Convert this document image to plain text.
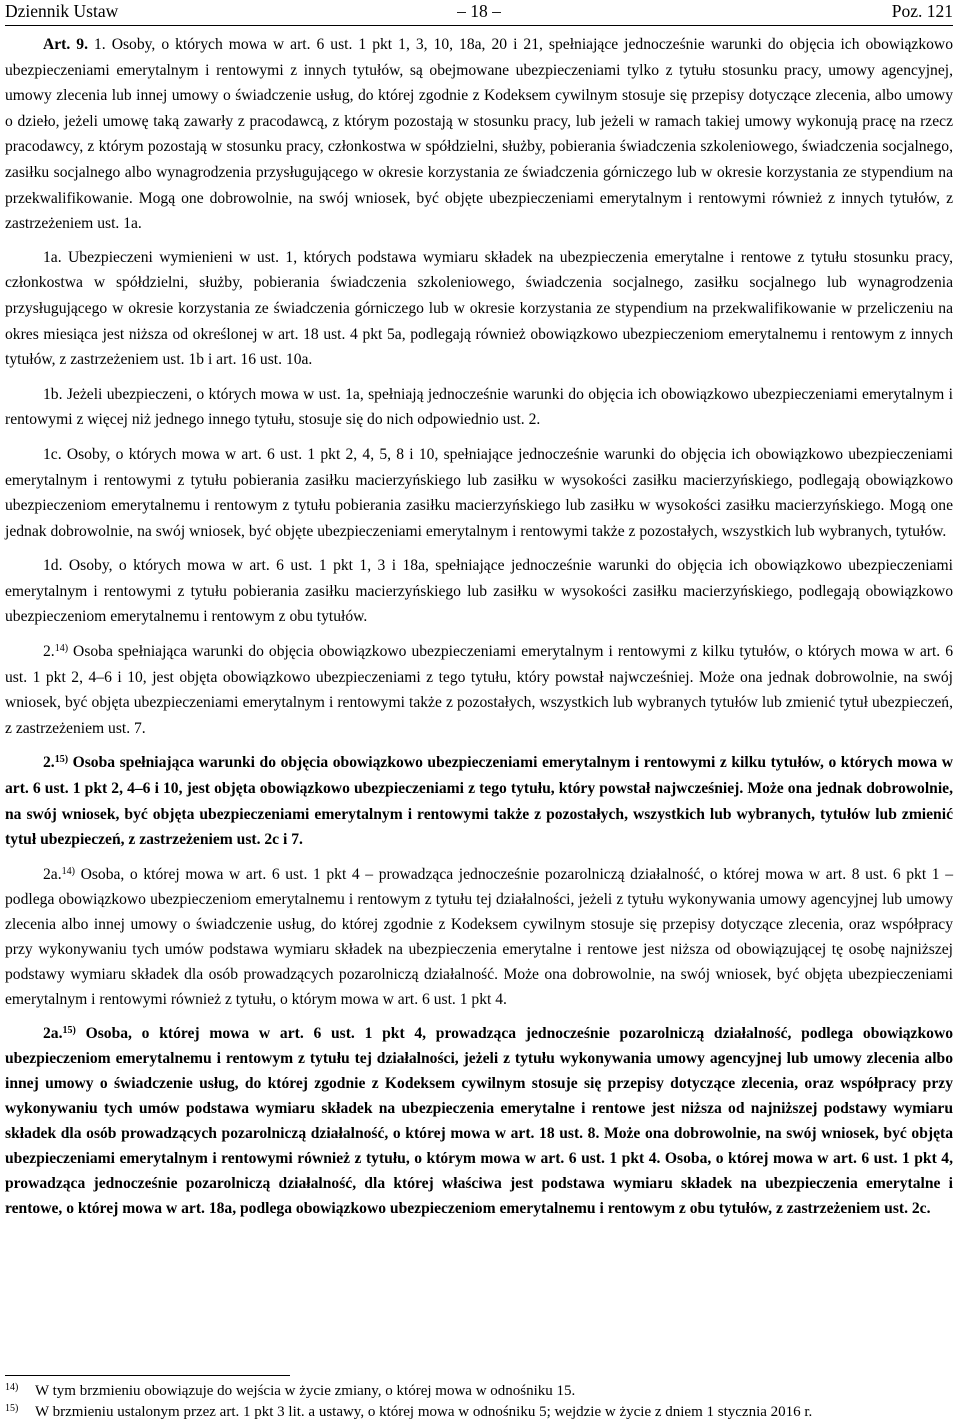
Dziennik Ustaw	– 18 –	Poz. 121

Art. 9. 1. Osoby, o których mowa w art. 6 ust. 1 pkt 1, 3, 10, 18a, 20 i 21, spełniające jednocześnie warunki do objęcia ich obowiązkowo ubezpieczeniami emerytalnym i rentowymi z innych tytułów, są obejmowane ubezpieczeniami tylko z tytułu stosunku pracy, umowy agencyjnej, umowy zlecenia lub innej umowy o świadczenie usług, do której zgodnie z Kodeksem cywilnym stosuje się przepisy dotyczące zlecenia, albo umowy o dzieło, jeżeli umowę taką zawarły z pracodawcą, z którym pozostają w stosunku pracy, lub jeżeli w ramach takiej umowy wykonują pracę na rzecz pracodawcy, z którym pozostają w stosunku pracy, członkostwa w spółdzielni, służby, pobierania świadczenia szkoleniowego, świadczenia socjalnego, zasiłku socjalnego albo wynagrodzenia przysługującego w okresie korzystania ze świadczenia górniczego lub w okresie korzystania ze stypendium na przekwalifikowanie. Mogą one dobrowolnie, na swój wniosek, być objęte ubezpieczeniami emerytalnym i rentowymi również z innych tytułów, z zastrzeżeniem ust. 1a.

1a. Ubezpieczeni wymienieni w ust. 1, których podstawa wymiaru składek na ubezpieczenia emerytalne i rentowe z tytułu stosunku pracy, członkostwa w spółdzielni, służby, pobierania świadczenia szkoleniowego, świadczenia socjalnego, zasiłku socjalnego lub wynagrodzenia przysługującego w okresie korzystania ze świadczenia górniczego lub w okresie korzystania ze stypendium na przekwalifikowanie w przeliczeniu na okres miesiąca jest niższa od określonej w art. 18 ust. 4 pkt 5a, podlegają również obowiązkowo ubezpieczeniom emerytalnemu i rentowym z innych tytułów, z zastrzeżeniem ust. 1b i art. 16 ust. 10a.

1b. Jeżeli ubezpieczeni, o których mowa w ust. 1a, spełniają jednocześnie warunki do objęcia ich obowiązkowo ubezpieczeniami emerytalnym i rentowymi z więcej niż jednego innego tytułu, stosuje się do nich odpowiednio ust. 2.

1c. Osoby, o których mowa w art. 6 ust. 1 pkt 2, 4, 5, 8 i 10, spełniające jednocześnie warunki do objęcia ich obowiązkowo ubezpieczeniami emerytalnym i rentowymi z tytułu pobierania zasiłku macierzyńskiego lub zasiłku w wysokości zasiłku macierzyńskiego, podlegają obowiązkowo ubezpieczeniom emerytalnemu i rentowym z tytułu pobierania zasiłku macierzyńskiego lub zasiłku w wysokości zasiłku macierzyńskiego. Mogą one jednak dobrowolnie, na swój wniosek, być objęte ubezpieczeniami emerytalnym i rentowymi także z pozostałych, wszystkich lub wybranych, tytułów.

1d. Osoby, o których mowa w art. 6 ust. 1 pkt 1, 3 i 18a, spełniające jednocześnie warunki do objęcia ich obowiązkowo ubezpieczeniami emerytalnym i rentowymi z tytułu pobierania zasiłku macierzyńskiego lub zasiłku w wysokości zasiłku macierzyńskiego, podlegają obowiązkowo ubezpieczeniom emerytalnemu i rentowym z obu tytułów.

2.$^{14)}$ Osoba spełniająca warunki do objęcia obowiązkowo ubezpieczeniami emerytalnym i rentowymi z kilku tytułów, o których mowa w art. 6 ust. 1 pkt 2, 4–6 i 10, jest objęta obowiązkowo ubezpieczeniami z tego tytułu, który powstał najwcześniej. Może ona jednak dobrowolnie, na swój wniosek, być objęta ubezpieczeniami emerytalnym i rentowymi także z pozostałych, wszystkich lub wybranych tytułów lub zmienić tytuł ubezpieczeń, z zastrzeżeniem ust. 7.

2.$^{15)}$ Osoba spełniająca warunki do objęcia obowiązkowo ubezpieczeniami emerytalnym i rentowymi z kilku tytułów, o których mowa w art. 6 ust. 1 pkt 2, 4–6 i 10, jest objęta obowiązkowo ubezpieczeniami z tego tytułu, który powstał najwcześniej. Może ona jednak dobrowolnie, na swój wniosek, być objęta ubezpieczeniami emerytalnym i rentowymi także z pozostałych, wszystkich lub wybranych, tytułów lub zmienić tytuł ubezpieczeń, z zastrzeżeniem ust. 2c i 7.

2a.$^{14)}$ Osoba, o której mowa w art. 6 ust. 1 pkt 4 – prowadząca jednocześnie pozarolniczą działalność, o której mowa w art. 8 ust. 6 pkt 1 – podlega obowiązkowo ubezpieczeniom emerytalnemu i rentowym z tytułu tej działalności, jeżeli z tytułu wykonywania umowy agencyjnej lub umowy zlecenia albo innej umowy o świadczenie usług, do której zgodnie z Kodeksem cywilnym stosuje się przepisy dotyczące zlecenia, oraz współpracy przy wykonywaniu tych umów podstawa wymiaru składek na ubezpieczenia emerytalne i rentowe jest niższa od obowiązującej tę osobę najniższej podstawy wymiaru składek dla osób prowadzących pozarolniczą działalność. Może ona dobrowolnie, na swój wniosek, być objęta ubezpieczeniami emerytalnym i rentowymi również z tytułu, o którym mowa w art. 6 ust. 1 pkt 4.

2a.$^{15)}$ Osoba, o której mowa w art. 6 ust. 1 pkt 4, prowadząca jednocześnie pozarolniczą działalność, podlega obowiązkowo ubezpieczeniom emerytalnemu i rentowym z tytułu tej działalności, jeżeli z tytułu wykonywania umowy agencyjnej lub umowy zlecenia albo innej umowy o świadczenie usług, do której zgodnie z Kodeksem cywilnym stosuje się przepisy dotyczące zlecenia, oraz współpracy przy wykonywaniu tych umów podstawa wymiaru składek na ubezpieczenia emerytalne i rentowe jest niższa od najniższej podstawy wymiaru składek dla osób prowadzących pozarolniczą działalność, o której mowa w art. 18 ust. 8. Może ona dobrowolnie, na swój wniosek, być objęta ubezpieczeniami emerytalnym i rentowymi również z tytułu, o którym mowa w art. 6 ust. 1 pkt 4. Osoba, o której mowa w art. 6 ust. 1 pkt 4, prowadząca jednocześnie pozarolniczą działalność, dla której właściwa jest podstawa wymiaru składek na ubezpieczenia emerytalne i rentowe, o której mowa w art. 18a, podlega obowiązkowo ubezpieczeniom emerytalnemu i rentowym z obu tytułów, z zastrzeżeniem ust. 2c.

14) W tym brzmieniu obowiązuje do wejścia w życie zmiany, o której mowa w odnośniku 15.
15) W brzmieniu ustalonym przez art. 1 pkt 3 lit. a ustawy, o której mowa w odnośniku 5; wejdzie w życie z dniem 1 stycznia 2016 r.
